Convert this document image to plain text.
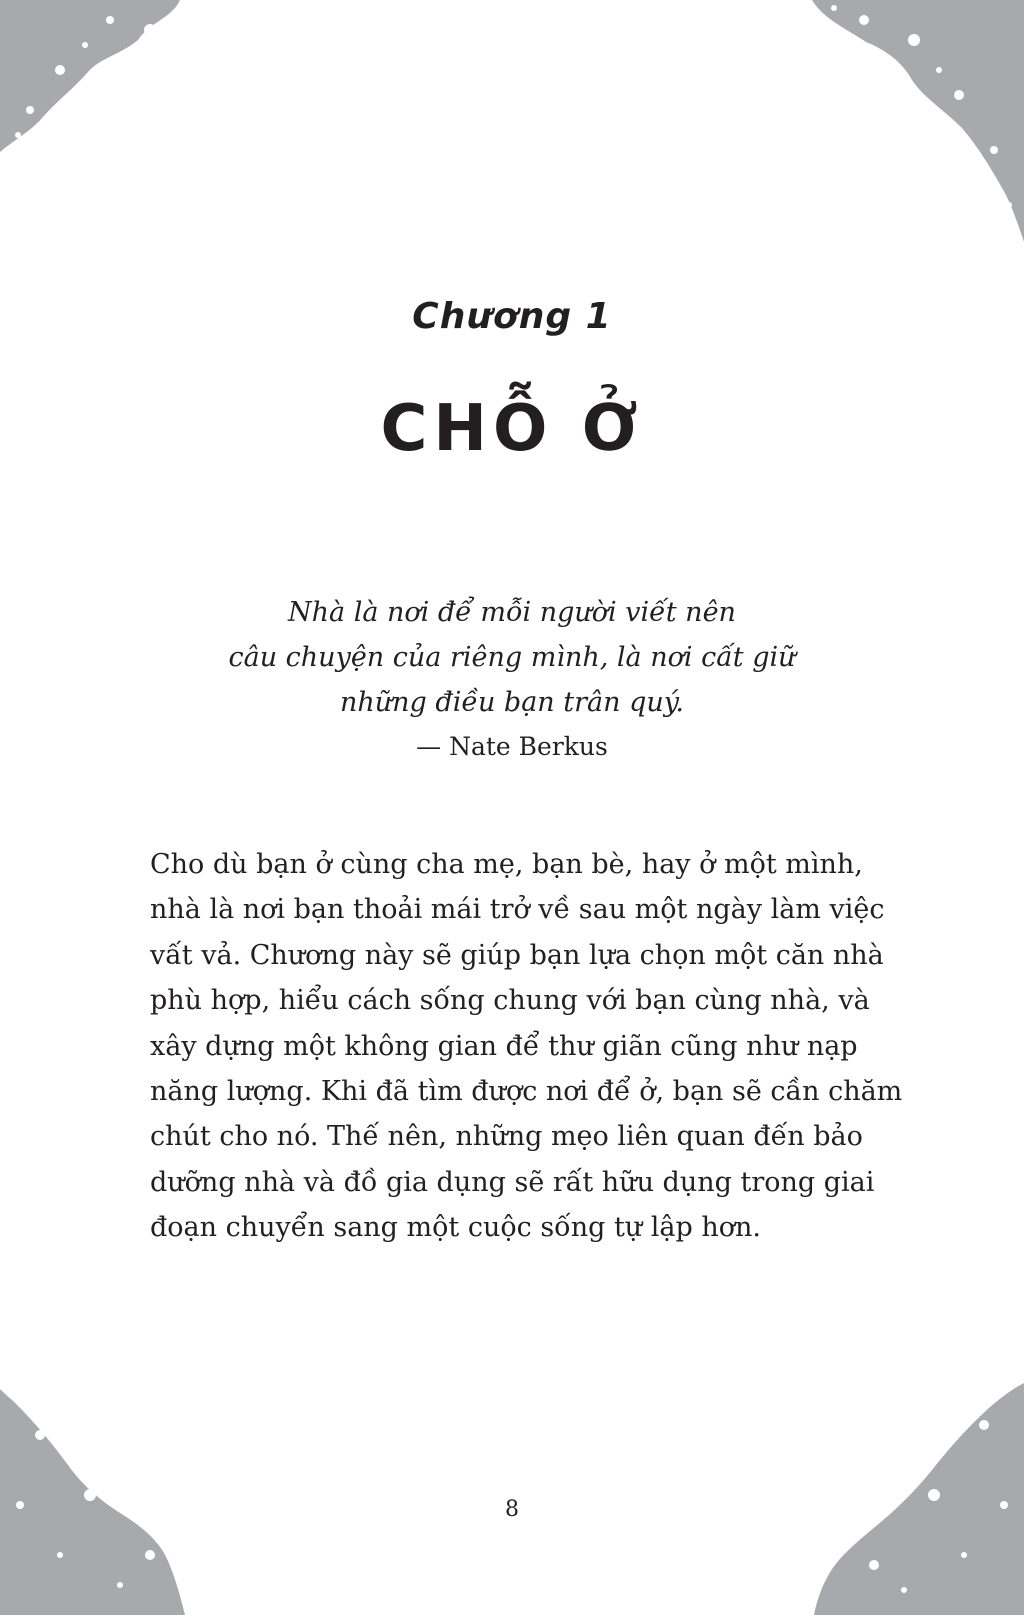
Chương 1
CHỖ Ở
Nhà là nơi để mỗi người viết nên
câu chuyện của riêng mình, là nơi cất giữ
những điều bạn trân quý.
— Nate Berkus

Cho dù bạn ở cùng cha mẹ, bạn bè, hay ở một mình,
nhà là nơi bạn thoải mái trở về sau một ngày làm việc
vất vả. Chương này sẽ giúp bạn lựa chọn một căn nhà
phù hợp, hiểu cách sống chung với bạn cùng nhà, và
xây dựng một không gian để thư giãn cũng như nạp
năng lượng. Khi đã tìm được nơi để ở, bạn sẽ cần chăm
chút cho nó. Thế nên, những mẹo liên quan đến bảo
dưỡng nhà và đồ gia dụng sẽ rất hữu dụng trong giai
đoạn chuyển sang một cuộc sống tự lập hơn.

8
